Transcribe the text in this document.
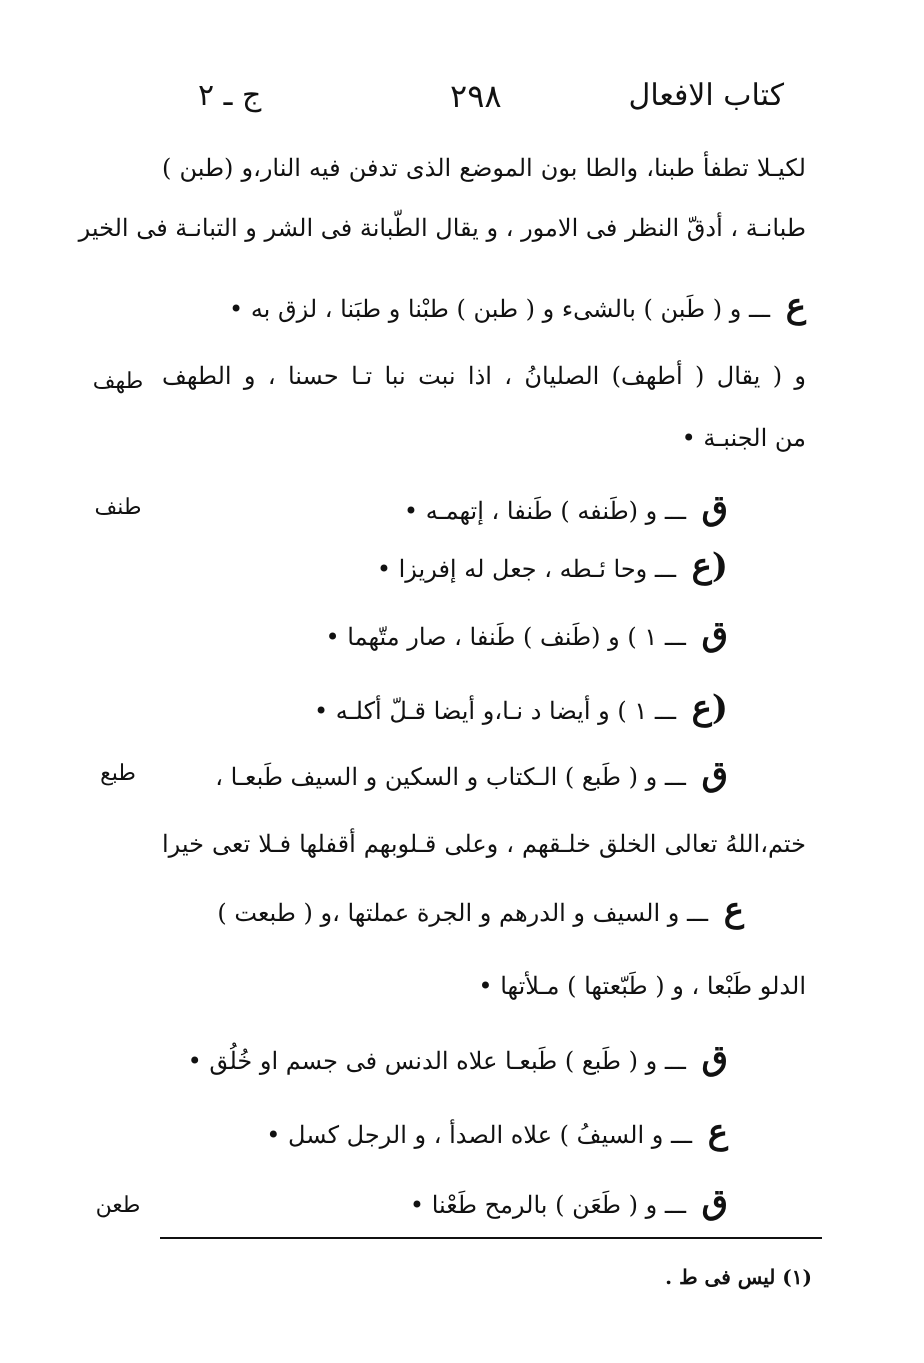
كتاب الافعال
٢٩٨
ج ـ ٢
لكيـلا تطفأ طبنا، والطا بون الموضع الذى تدفن فيه النار،و (طبن )
طبانـة ، أدقّ النظر فى الامور ، و يقال الطّبانة فى الشر و التبانـة فى الخير
ع ـــ و ( طَبن ) بالشىء و ( طبن ) طبْنا و طبَنا ، لزق به •
و ( يقال ( أطهف) الصليانُ ، اذا نبت نبا تـا حسنا ، و الطهف
من الجنبـة •
ق ـــ و (طَنفه ) طَنفا ، إتهمـه •
(ع ـــ وحا ئـطه ، جعل له إفريزا •
ق ـــ ١ ) و (طَنف ) طَنفا ، صار متّهما •
(ع ـــ ١ ) و أيضا د نـا،و أيضا قـلّ أكلـه •
ق ـــ و ( طَبع ) الـكتاب و السكين و السيف طَبعـا ،
ختم،اللهُ تعالى الخلق خلـقهم ، وعلى قـلوبهم أقفلها فـلا تعى خيرا
ع ـــ و السيف و الدرهم و الجرة عملتها ،و ( طبعت )
الدلو طَبْعا ، و ( طَبّعتها ) مـلأتها •
ق ـــ و ( طَبع ) طَبعـا علاه الدنس فى جسم او خُلُق •
ع ـــ و السيفُ ) علاه الصدأ ، و الرجل كسل •
ق ـــ و ( طَعَن ) بالرمح طَعْنا •
طهف
طنف
طبع
طعن
(١) ليس فى ط .
